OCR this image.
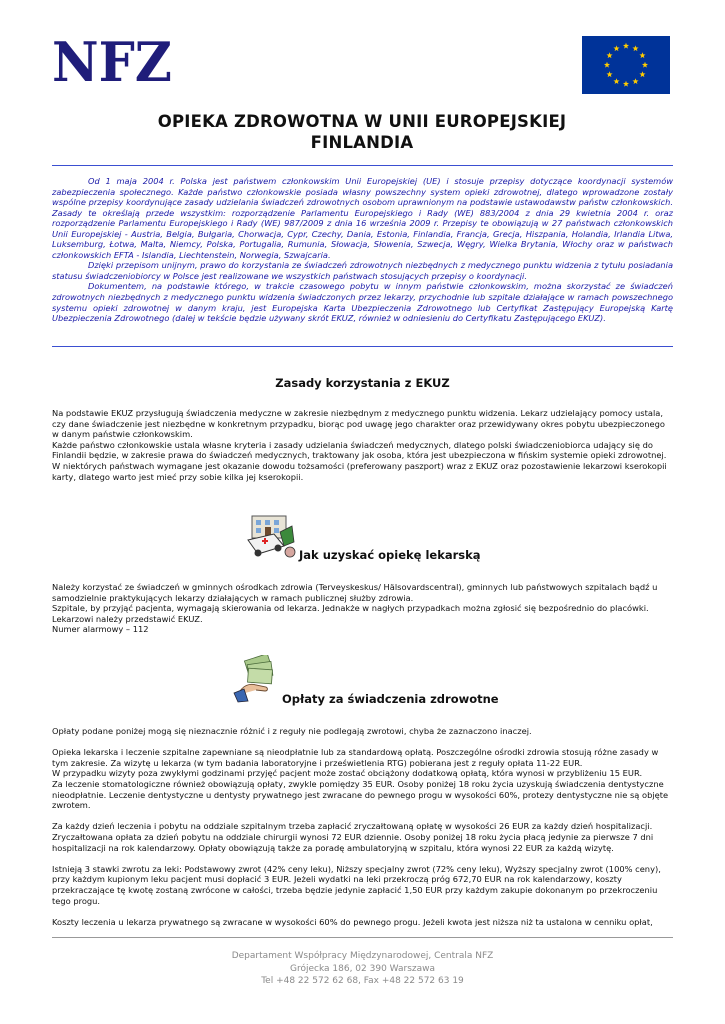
NFZ
OPIEKA ZDROWOTNA W UNII EUROPEJSKIEJ
FINLANDIA

Od 1 maja 2004 r. Polska jest państwem członkowskim Unii Europejskiej (UE) i stosuje przepisy dotyczące koordynacji systemów zabezpieczenia społecznego. Każde państwo członkowskie posiada własny powszechny system opieki zdrowotnej, dlatego wprowadzone zostały wspólne przepisy koordynujące zasady udzielania świadczeń zdrowotnych osobom uprawnionym na podstawie ustawodawstw państw członkowskich. Zasady te określają przede wszystkim: rozporządzenie Parlamentu Europejskiego i Rady (WE) 883/2004 z dnia 29 kwietnia 2004 r. oraz rozporządzenie Parlamentu Europejskiego i Rady (WE) 987/2009 z dnia 16 września 2009 r. Przepisy te obowiązują w 27 państwach członkowskich Unii Europejskiej - Austria, Belgia, Bułgaria, Chorwacja, Cypr, Czechy, Dania, Estonia, Finlandia, Francja, Grecja, Hiszpania, Holandia, Irlandia Litwa, Luksemburg, Łotwa, Malta, Niemcy, Polska, Portugalia, Rumunia, Słowacja, Słowenia, Szwecja, Węgry, Wielka Brytania, Włochy oraz w państwach członkowskich EFTA - Islandia, Liechtenstein, Norwegia, Szwajcaria.

Dzięki przepisom unijnym, prawo do korzystania ze świadczeń zdrowotnych niezbędnych z medycznego punktu widzenia z tytułu posiadania statusu świadczeniobiorcy w Polsce jest realizowane we wszystkich państwach stosujących przepisy o koordynacji.

Dokumentem, na podstawie którego, w trakcie czasowego pobytu w innym państwie członkowskim, można skorzystać ze świadczeń zdrowotnych niezbędnych z medycznego punktu widzenia świadczonych przez lekarzy, przychodnie lub szpitale działające w ramach powszechnego systemu opieki zdrowotnej w danym kraju, jest Europejska Karta Ubezpieczenia Zdrowotnego lub Certyfikat Zastępujący Europejską Kartę Ubezpieczenia Zdrowotnego (dalej w tekście będzie używany skrót EKUZ, również w odniesieniu do Certyfikatu Zastępującego EKUZ).

Zasady korzystania z EKUZ

Na podstawie EKUZ przysługują świadczenia medyczne w zakresie niezbędnym z medycznego punktu widzenia. Lekarz udzielający pomocy ustala, czy dane świadczenie jest niezbędne w konkretnym przypadku, biorąc pod uwagę jego charakter oraz przewidywany okres pobytu ubezpieczonego w danym państwie członkowskim.

Każde państwo członkowskie ustala własne kryteria i zasady udzielania świadczeń medycznych, dlatego polski świadczeniobiorca udający się do Finlandii będzie, w zakresie prawa do świadczeń medycznych, traktowany jak osoba, która jest ubezpieczona w fińskim systemie opieki zdrowotnej.

W niektórych państwach wymagane jest okazanie dowodu tożsamości (preferowany paszport) wraz z EKUZ oraz pozostawienie lekarzowi kserokopii karty, dlatego warto jest mieć przy sobie kilka jej kserokopii.

Jak uzyskać opiekę lekarską

Należy korzystać ze świadczeń w gminnych ośrodkach zdrowia (Terveyskeskus/ Hälsovardscentral), gminnych lub państwowych szpitalach bądź u samodzielnie praktykujących lekarzy działających w ramach publicznej służby zdrowia.

Szpitale, by przyjąć pacjenta, wymagają skierowania od lekarza. Jednakże w nagłych przypadkach można zgłosić się bezpośrednio do placówki.

Lekarzowi należy przedstawić EKUZ.

Numer alarmowy – 112

Opłaty za świadczenia zdrowotne

Opłaty podane poniżej mogą się nieznacznie różnić i z reguły nie podlegają zwrotowi, chyba że zaznaczono inaczej.

Opieka lekarska i leczenie szpitalne zapewniane są nieodpłatnie lub za standardową opłatą. Poszczególne ośrodki zdrowia stosują różne zasady w tym zakresie. Za wizytę u lekarza (w tym badania laboratoryjne i prześwietlenia RTG) pobierana jest z reguły opłata 11-22 EUR.

W przypadku wizyty poza zwykłymi godzinami przyjęć pacjent może zostać obciążony dodatkową opłatą, która wynosi w przybliżeniu 15 EUR.

Za leczenie stomatologiczne również obowiązują opłaty, zwykle pomiędzy 35 EUR. Osoby poniżej 18 roku życia uzyskują świadczenia dentystyczne nieodpłatnie. Leczenie dentystyczne u dentysty prywatnego jest zwracane do pewnego progu w wysokości 60%, protezy dentystyczne nie są objęte zwrotem.

Za każdy dzień leczenia i pobytu na oddziale szpitalnym trzeba zapłacić zryczałtowaną opłatę w wysokości 26 EUR za każdy dzień hospitalizacji. Zryczałtowana opłata za dzień pobytu na oddziale chirurgii wynosi 72 EUR dziennie. Osoby poniżej 18 roku życia płacą jedynie za pierwsze 7 dni hospitalizacji na rok kalendarzowy. Opłaty obowiązują także za poradę ambulatoryjną w szpitalu, która wynosi 22 EUR za każdą wizytę.

Istnieją 3 stawki zwrotu za leki: Podstawowy zwrot (42% ceny leku), Niższy specjalny zwrot (72% ceny leku), Wyższy specjalny zwrot (100% ceny), przy każdym kupionym leku pacjent musi dopłacić 3 EUR. Jeżeli wydatki na leki przekroczą próg 672,70 EUR na rok kalendarzowy, koszty przekraczające tę kwotę zostaną zwrócone w całości, trzeba będzie jedynie zapłacić 1,50 EUR przy każdym zakupie dokonanym po przekroczeniu tego progu.

Koszty leczenia u lekarza prywatnego są zwracane w wysokości 60% do pewnego progu. Jeżeli kwota jest niższa niż ta ustalona w cenniku opłat,

Departament Współpracy Międzynarodowej, Centrala NFZ
Grójecka 186, 02 390 Warszawa
Tel +48 22 572 62 68, Fax +48 22 572 63 19
